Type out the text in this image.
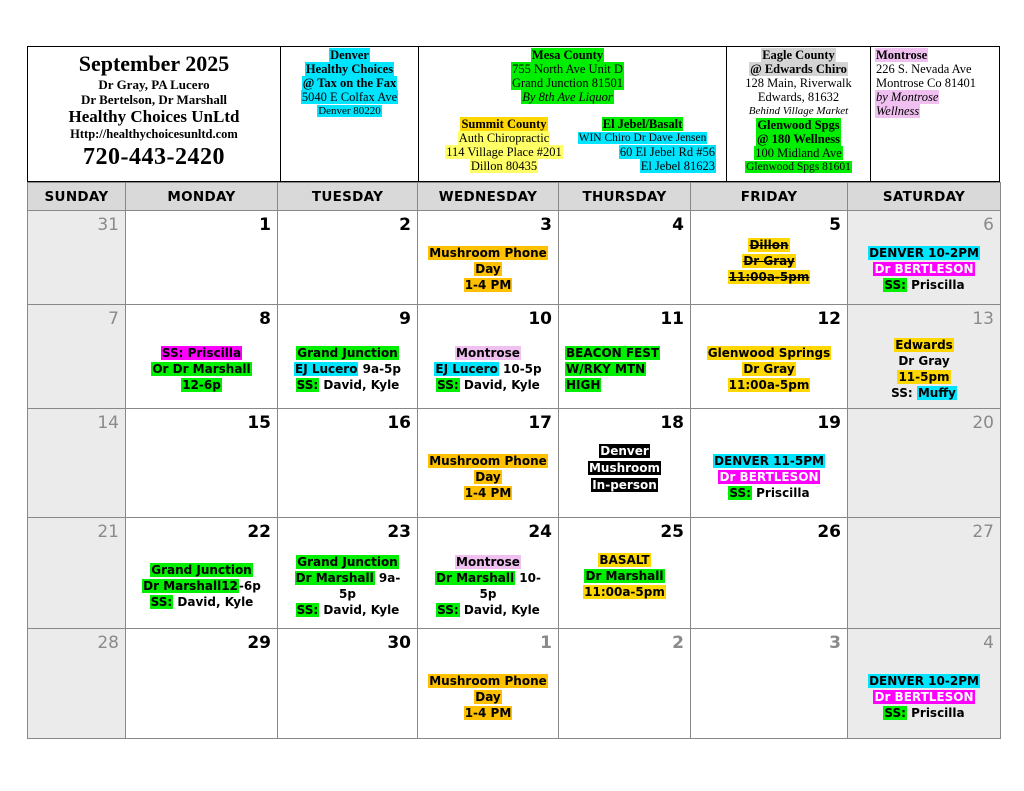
September 2025
Dr Gray, PA Lucero
Dr Bertelson, Dr Marshall
Healthy Choices UnLtd
Http://healthychoicesunltd.com
720-443-2420
Denver
Healthy Choices
@ Tax on the Fax
5040 E Colfax Ave
Denver 80220
Mesa County
755 North Ave Unit D
Grand Junction 81501
By 8th Ave Liquor
Summit County
Auth Chiropractic
114 Village Place #201
Dillon 80435
El Jebel/Basalt
WIN Chiro Dr Dave Jensen
60 El Jebel Rd #56
El Jebel 81623
Eagle County
@ Edwards Chiro
128 Main, Riverwalk
Edwards, 81632
Behind Village Market
Glenwood Spgs
@ 180 Wellness
100 Midland Ave
Glenwood Spgs 81601
Montrose
226 S. Nevada Ave
Montrose Co 81401
by Montrose
Wellness
SUNDAY	MONDAY	TUESDAY	WEDNESDAY	THURSDAY	FRIDAY	SATURDAY

31	1	2	3
Mushroom Phone
Day
1-4 PM	4	5
Dillon
Dr Gray
11:00a-5pm	6
DENVER 10-2PM
Dr BERTLESON
SS: Priscilla

7	8
SS: Priscilla
Or Dr Marshall
12-6p	9
Grand Junction
EJ Lucero 9a-5p
SS: David, Kyle	10
Montrose
EJ Lucero 10-5p
SS: David, Kyle	11
BEACON FEST
W/RKY MTN
HIGH	12
Glenwood Springs
Dr Gray
11:00a-5pm	13
Edwards
Dr Gray
11-5pm
SS: Muffy

14	15	16	17
Mushroom Phone
Day
1-4 PM	18
Denver
Mushroom
In-person	19
DENVER 11-5PM
Dr BERTLESON
SS: Priscilla	20

21	22
Grand Junction
Dr Marshall12-6p
SS: David, Kyle	23
Grand Junction
Dr Marshall 9a-
5p
SS: David, Kyle	24
Montrose
Dr Marshall 10-
5p
SS: David, Kyle	25
BASALT
Dr Marshall
11:00a-5pm	26	27

28	29	30	1
Mushroom Phone
Day
1-4 PM	2	3	4
DENVER 10-2PM
Dr BERTLESON
SS: Priscilla
